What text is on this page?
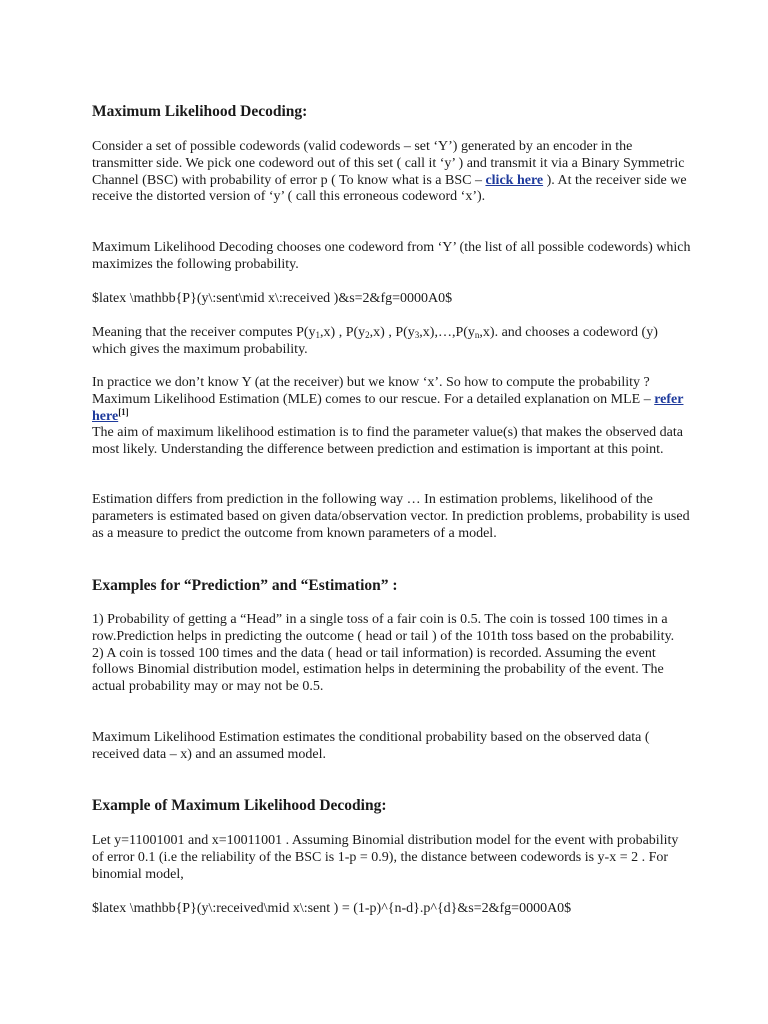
Maximum Likelihood Decoding:

Consider a set of possible codewords (valid codewords – set ‘Y’) generated by an encoder in the transmitter side. We pick one codeword out of this set ( call it ‘y’ ) and transmit it via a Binary Symmetric Channel (BSC) with probability of error p ( To know what is a BSC – click here ). At the receiver side we receive the distorted version of ‘y’ ( call this erroneous codeword ‘x’).

Maximum Likelihood Decoding chooses one codeword from ‘Y’ (the list of all possible codewords) which maximizes the following probability.

$latex \mathbb{P}(y\:sent\mid x\:received )&s=2&fg=0000A0$

Meaning that the receiver computes $P(y_1,x)$ , $P(y_2,x)$ , $P(y_3,x),\dots,P(y_n,x)$. and chooses a codeword (y) which gives the maximum probability.

In practice we don’t know Y (at the receiver) but we know ‘x’. So how to compute the probability ? Maximum Likelihood Estimation (MLE) comes to our rescue. For a detailed explanation on MLE – refer here[1]
The aim of maximum likelihood estimation is to find the parameter value(s) that makes the observed data most likely. Understanding the difference between prediction and estimation is important at this point.

Estimation differs from prediction in the following way … In estimation problems, likelihood of the parameters is estimated based on given data/observation vector. In prediction problems, probability is used as a measure to predict the outcome from known parameters of a model.

Examples for “Prediction” and “Estimation” :

1) Probability of getting a “Head” in a single toss of a fair coin is 0.5. The coin is tossed 100 times in a row.Prediction helps in predicting the outcome ( head or tail ) of the 101th toss based on the probability.
2) A coin is tossed 100 times and the data ( head or tail information) is recorded. Assuming the event follows Binomial distribution model, estimation helps in determining the probability of the event. The actual probability may or may not be 0.5.

Maximum Likelihood Estimation estimates the conditional probability based on the observed data ( received data – x) and an assumed model.

Example of Maximum Likelihood Decoding:

Let y=11001001 and x=10011001 . Assuming Binomial distribution model for the event with probability of error 0.1 (i.e the reliability of the BSC is 1-p = 0.9), the distance between codewords is y-x = 2 . For binomial model,

$latex \mathbb{P}(y\:received\mid x\:sent ) = (1-p)^{n-d}.p^{d}&s=2&fg=0000A0$
